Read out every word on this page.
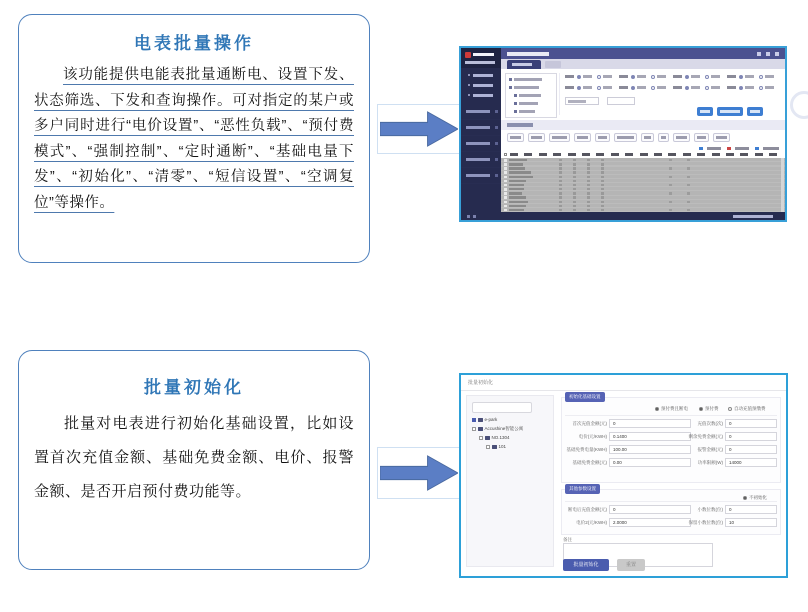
电表批量操作

该功能提供电能表批量通断电、设置下发、状态筛选、下发和查询操作。可对指定的某户或多户同时进行“电价设置”、“恶性负载”、“预付费模式”、“强制控制”、“定时通断”、“基础电量下发”、“初始化”、“清零”、“短信设置”、“空调复位”等操作。

批量初始化

批量对电表进行初始化基础设置，比如设置首次充值金额、基础免费金额、电价、报警金额、是否开启预付费功能等。

批量初始化
e-park
Accushine智能公寓
NO.1304
101
初始化基础设置
自动充值预缴费
预付费
预付费且断电
首次充值金额(元)	0
电价(元/KWH)	0.1400
基础免费电量(KWH)	100.00
基础免费金额(元)	0.00
充值次数(次)	0
剩余免费金额(元)	0
报警金额(元)	0
功率限额(W)	14000
其他参数设置
不初始化
断电后充值金额(元)	0
电价2(元/KWH)	2.0000
小数位数(位)	0
保留小数位数(位)	10
备注
批量初始化	重置
